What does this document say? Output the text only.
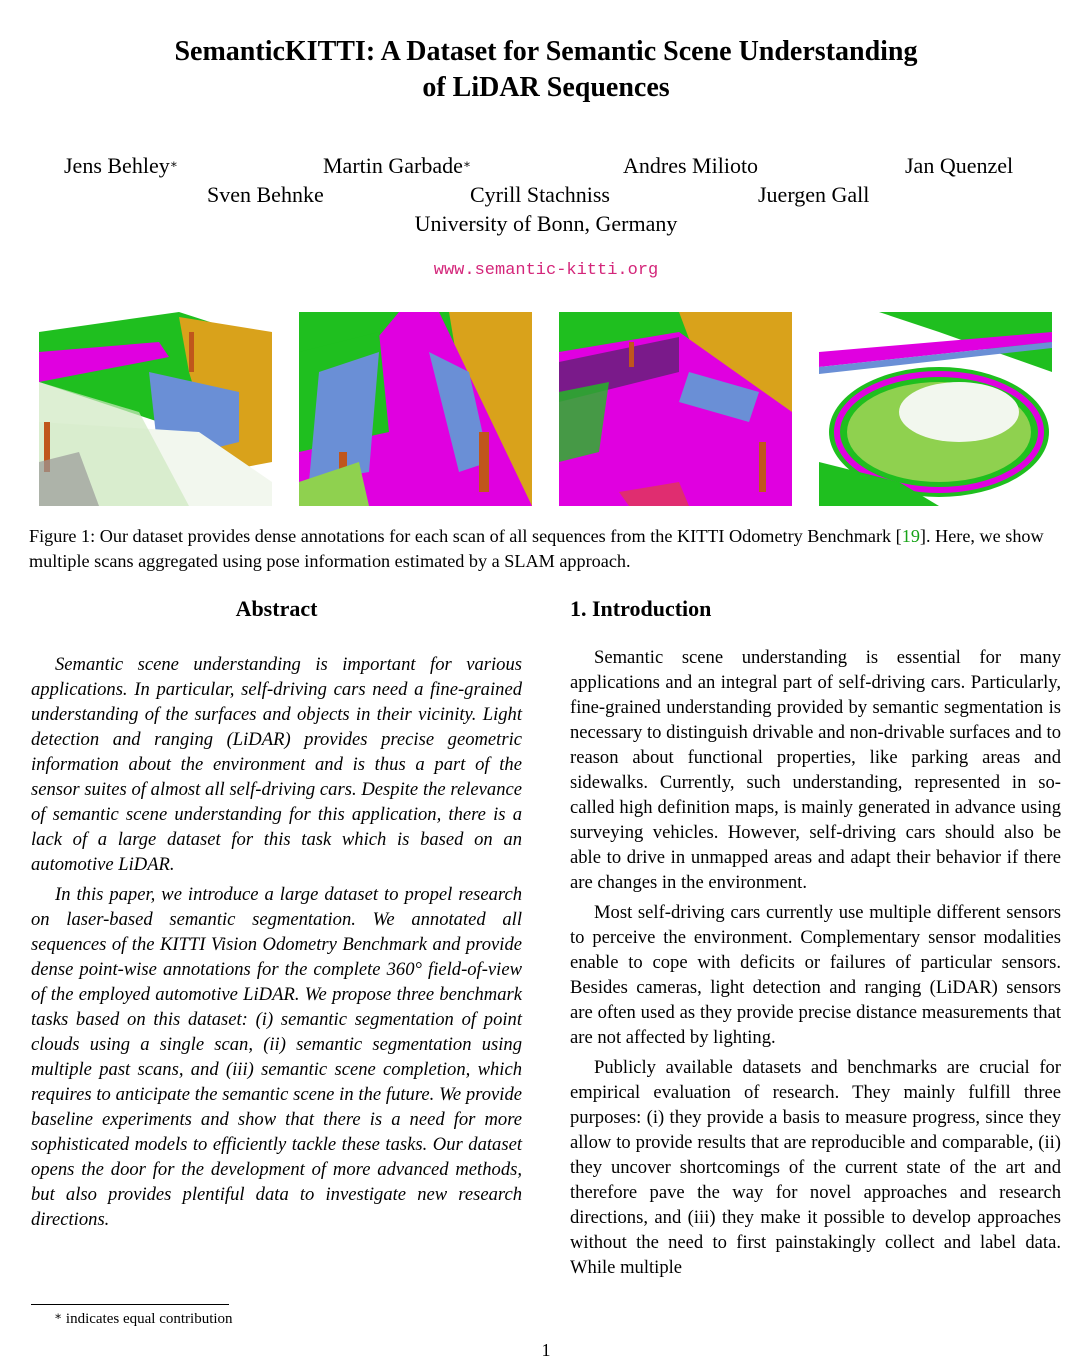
SemanticKITTI: A Dataset for Semantic Scene Understanding
of LiDAR Sequences
Jens Behley∗	Martin Garbade∗	Andres Milioto	Jan Quenzel
Sven Behnke	Cyrill Stachniss	Juergen Gall
University of Bonn, Germany
www.semantic-kitti.org
Figure 1: Our dataset provides dense annotations for each scan of all sequences from the KITTI Odometry Benchmark [19]. Here, we show multiple scans aggregated using pose information estimated by a SLAM approach.
Abstract

Semantic scene understanding is important for various applications. In particular, self-driving cars need a fine-grained understanding of the surfaces and objects in their vicinity. Light detection and ranging (LiDAR) provides precise geometric information about the environment and is thus a part of the sensor suites of almost all self-driving cars. Despite the relevance of semantic scene understanding for this application, there is a lack of a large dataset for this task which is based on an automotive LiDAR.

In this paper, we introduce a large dataset to propel research on laser-based semantic segmentation. We annotated all sequences of the KITTI Vision Odometry Benchmark and provide dense point-wise annotations for the complete 360° field-of-view of the employed automotive LiDAR. We propose three benchmark tasks based on this dataset: (i) semantic segmentation of point clouds using a single scan, (ii) semantic segmentation using multiple past scans, and (iii) semantic scene completion, which requires to anticipate the semantic scene in the future. We provide baseline experiments and show that there is a need for more sophisticated models to efficiently tackle these tasks. Our dataset opens the door for the development of more advanced methods, but also provides plentiful data to investigate new research directions.

1. Introduction

Semantic scene understanding is essential for many applications and an integral part of self-driving cars. Particularly, fine-grained understanding provided by semantic segmentation is necessary to distinguish drivable and non-drivable surfaces and to reason about functional properties, like parking areas and sidewalks. Currently, such understanding, represented in so-called high definition maps, is mainly generated in advance using surveying vehicles. However, self-driving cars should also be able to drive in unmapped areas and adapt their behavior if there are changes in the environment.

Most self-driving cars currently use multiple different sensors to perceive the environment. Complementary sensor modalities enable to cope with deficits or failures of particular sensors. Besides cameras, light detection and ranging (LiDAR) sensors are often used as they provide precise distance measurements that are not affected by lighting.

Publicly available datasets and benchmarks are crucial for empirical evaluation of research. They mainly fulfill three purposes: (i) they provide a basis to measure progress, since they allow to provide results that are reproducible and comparable, (ii) they uncover shortcomings of the current state of the art and therefore pave the way for novel approaches and research directions, and (iii) they make it possible to develop approaches without the need to first painstakingly collect and label data. While multiple

∗ indicates equal contribution
1
